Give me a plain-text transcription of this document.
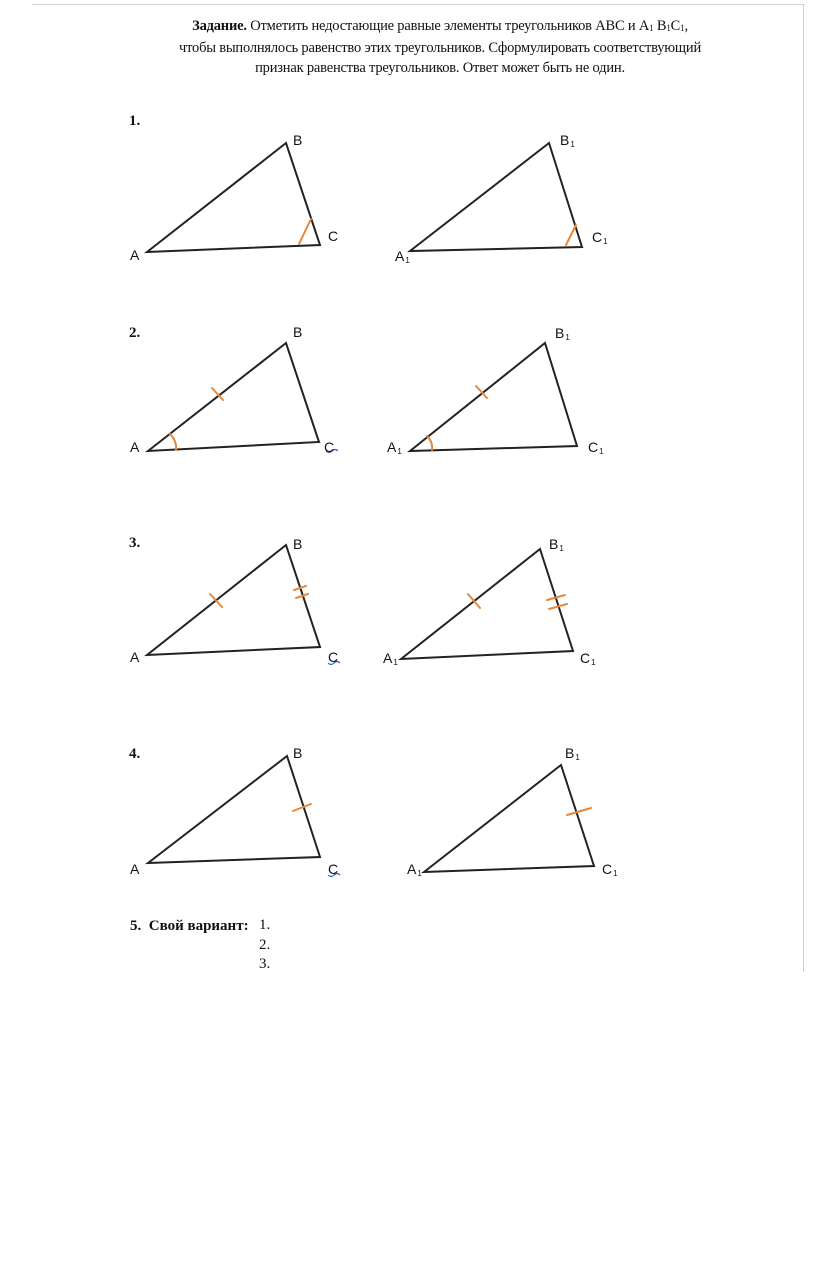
Задание. Отметить недостающие равные элементы треугольников ABC и A1 B1C1,
чтобы выполнялось равенство этих треугольников. Сформулировать соответствующий
признак равенства треугольников. Ответ может быть не один.
1.
2.
3.
4.
A
B
C
A1
B1
C1
A
B
C	A1
B1
C1
A
B
C	A1
B1
C1
A
B
C	A1
B1
C1
5. Свой вариант: 1.
2.
3.
